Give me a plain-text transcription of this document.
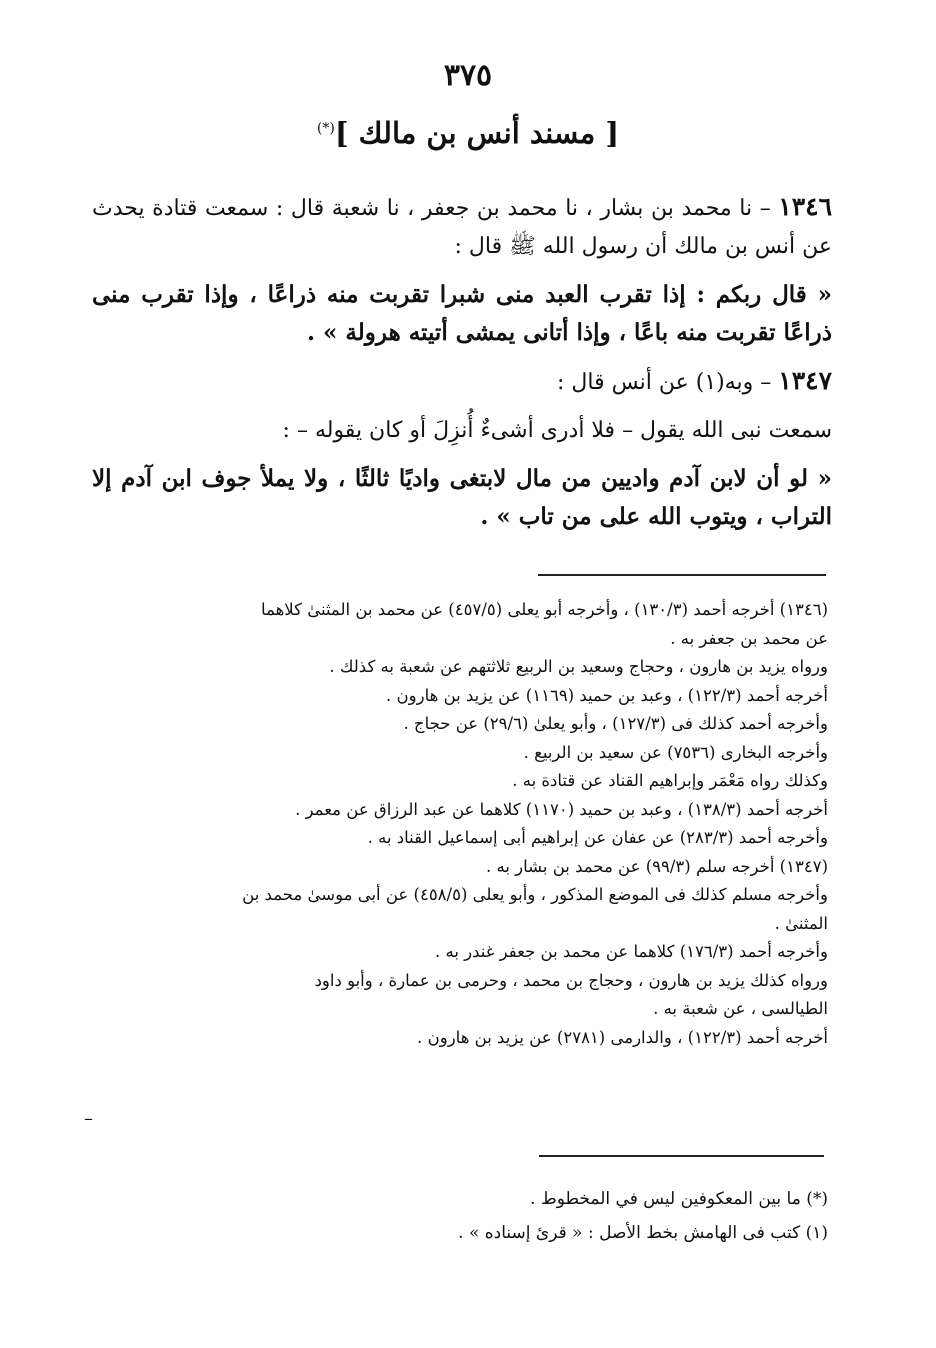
٣٧٥
[ مسند أنس بن مالك ](*)

١٣٤٦ – نا محمد بن بشار ، نا محمد بن جعفر ، نا شعبة قال : سمعت قتادة يحدث عن أنس بن مالك أن رسول الله ﷺ قال :

« قال ربكم : إذا تقرب العبد منى شبرا تقربت منه ذراعًا ، وإذا تقرب منى ذراعًا تقربت منه باعًا ، وإذا أتانى يمشى أتيته هرولة » .

١٣٤٧ – وبه(١) عن أنس قال :

سمعت نبى الله يقول – فلا أدرى أشىءٌ أُنزِلَ أو كان يقوله – :

« لو أن لابن آدم واديين من مال لابتغى واديًا ثالثًا ، ولا يملأ جوف ابن آدم إلا التراب ، ويتوب الله على من تاب » .

(١٣٤٦) أخرجه أحمد (١٣٠/٣) ، وأخرجه أبو يعلى (٤٥٧/٥) عن محمد بن المثنىٰ كلاهما
عن محمد بن جعفر به .
ورواه يزيد بن هارون ، وحجاج وسعيد بن الربيع ثلاثتهم عن شعبة به كذلك .
أخرجه أحمد (١٢٢/٣) ، وعبد بن حميد (١١٦٩) عن يزيد بن هارون .
وأخرجه أحمد كذلك فى (١٢٧/٣) ، وأبو يعلىٰ (٢٩/٦) عن حجاج .
وأخرجه البخارى (٧٥٣٦) عن سعيد بن الربيع .
وكذلك رواه مَعْمَر وإبراهيم القناد عن قتادة به .
أخرجه أحمد (١٣٨/٣) ، وعبد بن حميد (١١٧٠) كلاهما عن عبد الرزاق عن معمر .
وأخرجه أحمد (٢٨٣/٣) عن عفان عن إبراهيم أبى إسماعيل القناد به .
(١٣٤٧) أخرجه سلم (٩٩/٣) عن محمد بن بشار به .
وأخرجه مسلم كذلك فى الموضع المذكور ، وأبو يعلى (٤٥٨/٥) عن أبى موسىٰ محمد بن
المثنىٰ .
وأخرجه أحمد (١٧٦/٣) كلاهما عن محمد بن جعفر غندر به .
ورواه كذلك يزيد بن هارون ، وحجاج بن محمد ، وحرمى بن عمارة ، وأبو داود
الطيالسى ، عن شعبة به .
أخرجه أحمد (١٢٢/٣) ، والدارمى (٢٧٨١) عن يزيد بن هارون .
–
(*) ما بين المعكوفين ليس في المخطوط .
(١) كتب فى الهامش بخط الأصل : « قرئ إسناده » .
